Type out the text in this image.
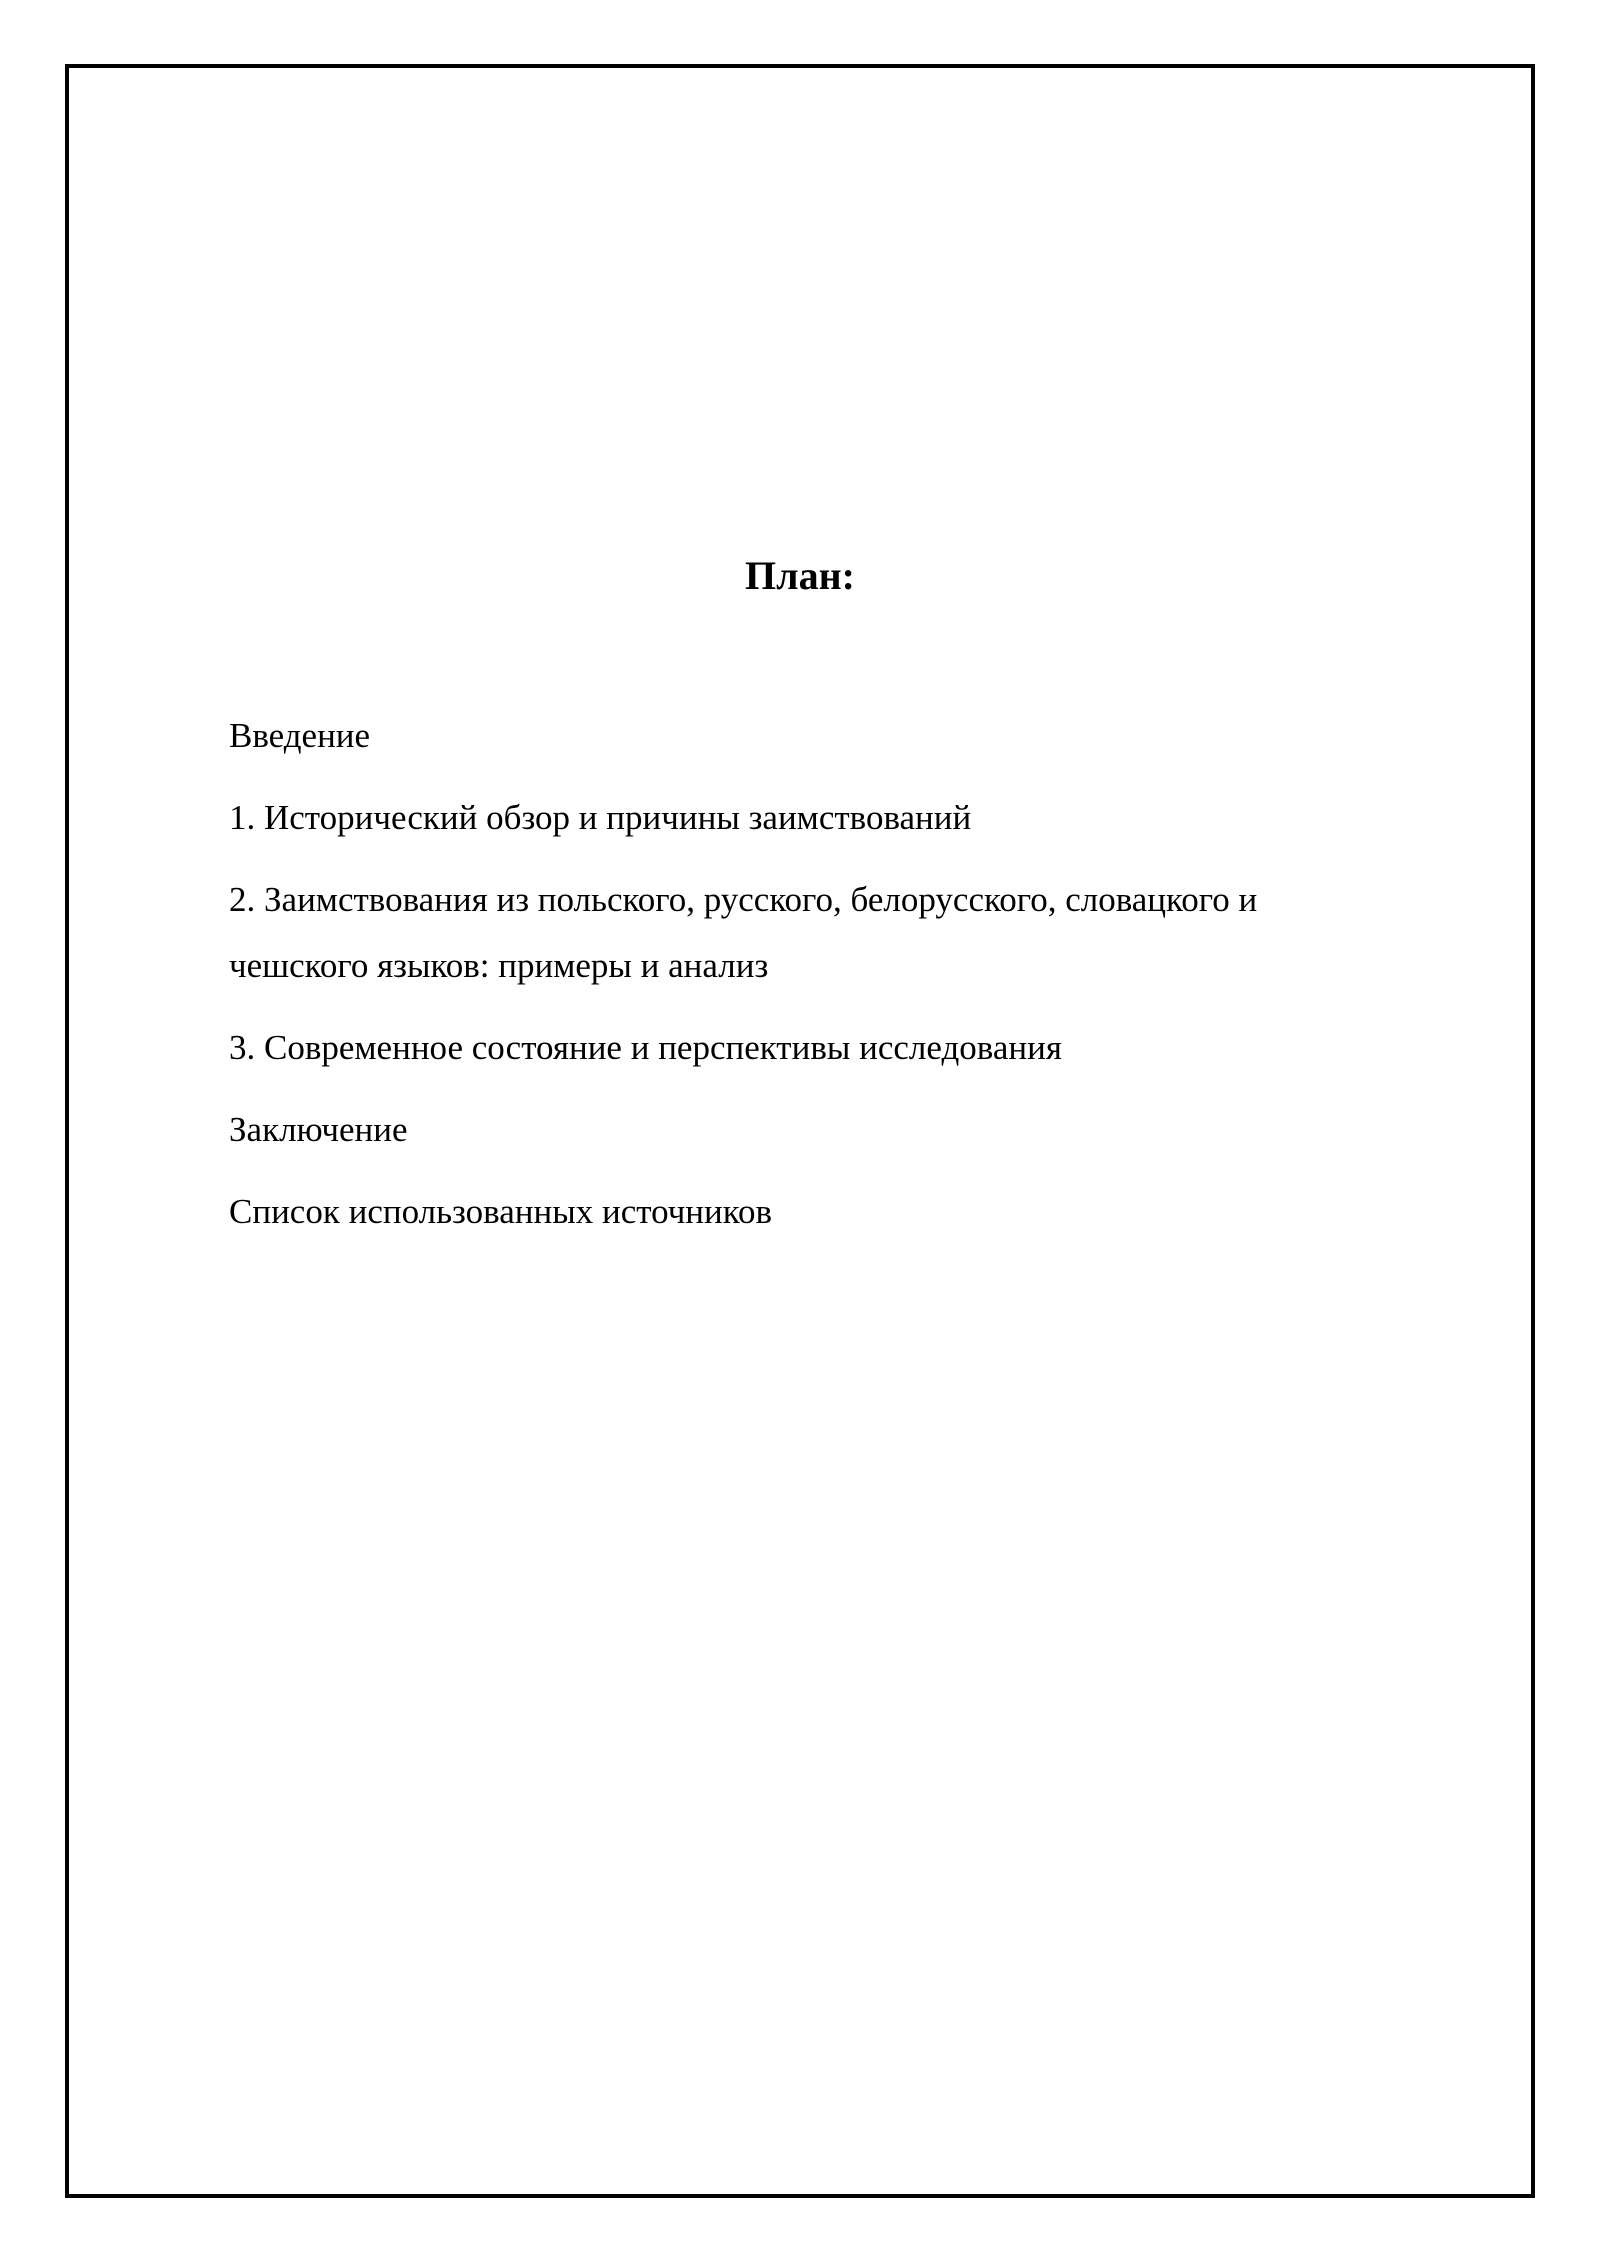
План:
Введение
1. Исторический обзор и причины заимствований
2. Заимствования из польского, русского, белорусского, словацкого и чешского языков: примеры и анализ
3. Современное состояние и перспективы исследования
Заключение
Список использованных источников
